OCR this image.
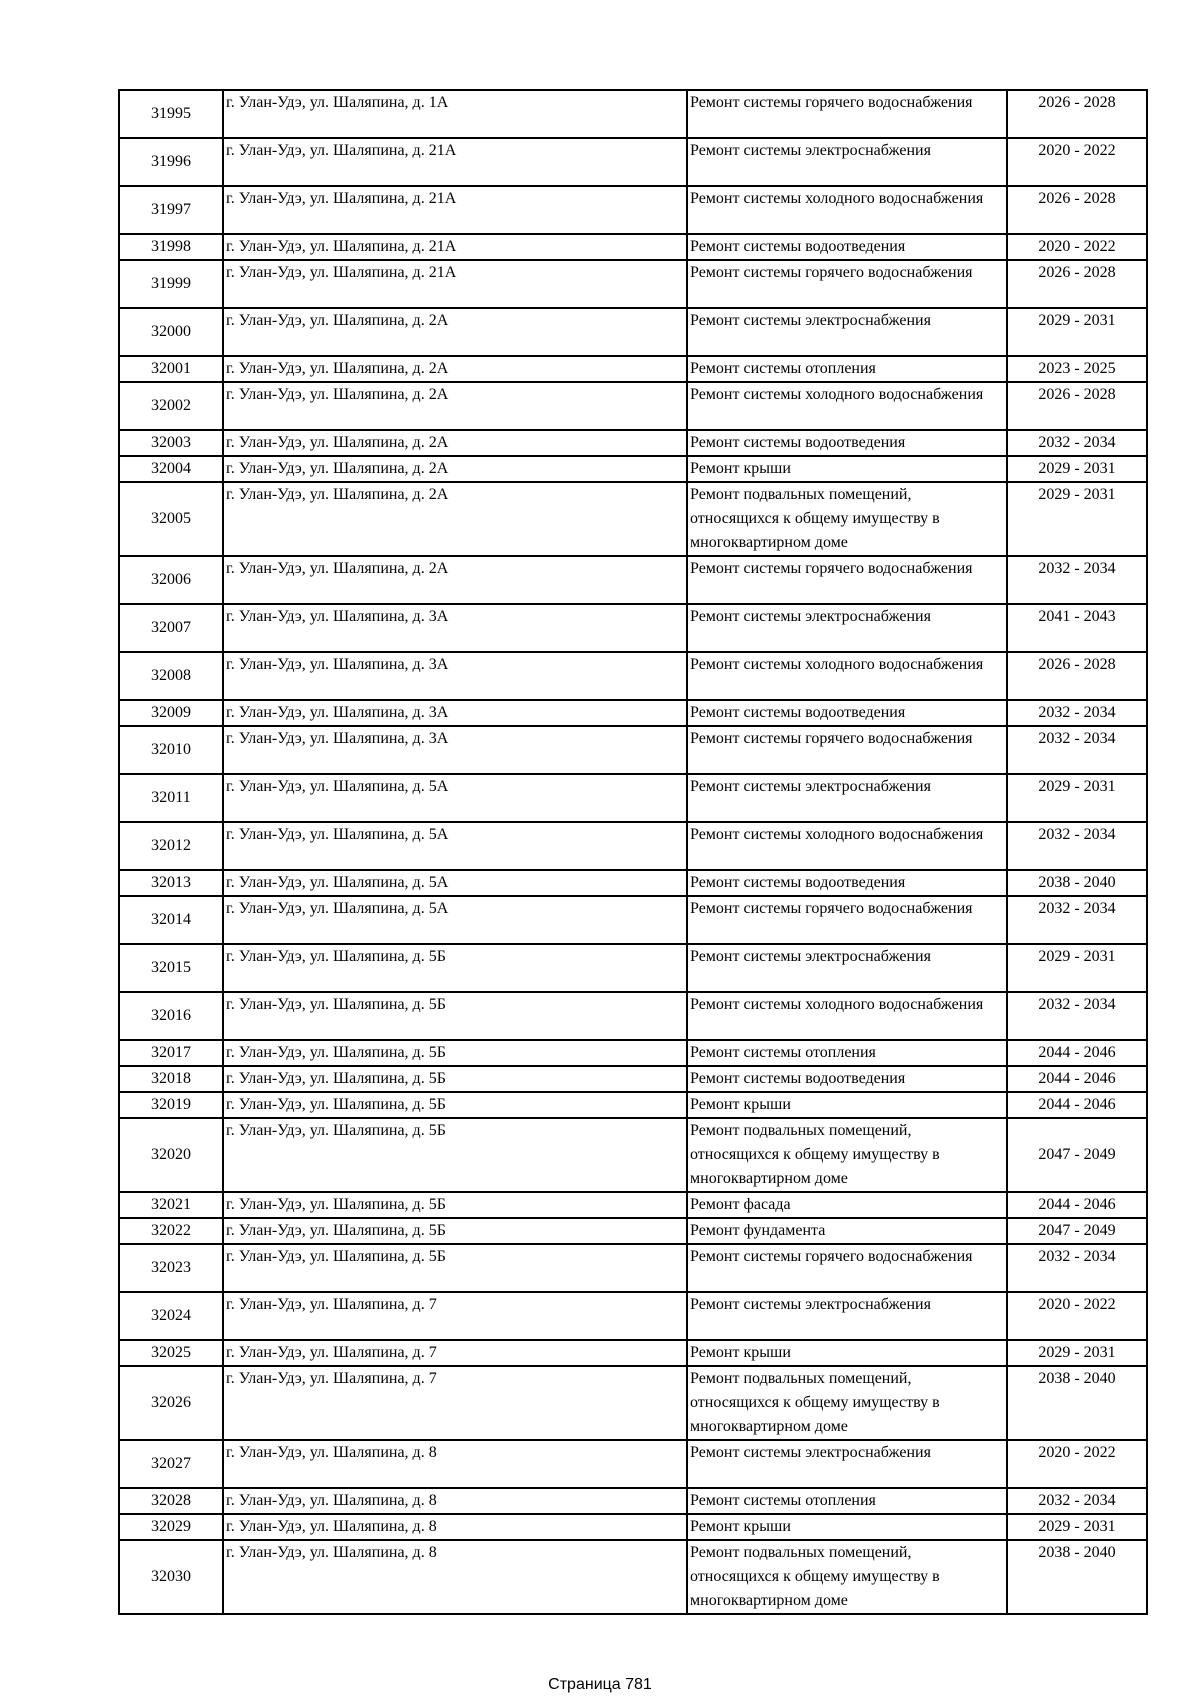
31995	г. Улан-Удэ, ул. Шаляпина, д. 1А	Ремонт системы горячего водоснабжения	2026 - 2028
31996	г. Улан-Удэ, ул. Шаляпина, д. 21А	Ремонт системы электроснабжения	2020 - 2022
31997	г. Улан-Удэ, ул. Шаляпина, д. 21А	Ремонт системы холодного водоснабжения	2026 - 2028
31998	г. Улан-Удэ, ул. Шаляпина, д. 21А	Ремонт системы водоотведения	2020 - 2022
31999	г. Улан-Удэ, ул. Шаляпина, д. 21А	Ремонт системы горячего водоснабжения	2026 - 2028
32000	г. Улан-Удэ, ул. Шаляпина, д. 2А	Ремонт системы электроснабжения	2029 - 2031
32001	г. Улан-Удэ, ул. Шаляпина, д. 2А	Ремонт системы отопления	2023 - 2025
32002	г. Улан-Удэ, ул. Шаляпина, д. 2А	Ремонт системы холодного водоснабжения	2026 - 2028
32003	г. Улан-Удэ, ул. Шаляпина, д. 2А	Ремонт системы водоотведения	2032 - 2034
32004	г. Улан-Удэ, ул. Шаляпина, д. 2А	Ремонт крыши	2029 - 2031
32005	г. Улан-Удэ, ул. Шаляпина, д. 2А	Ремонт подвальных помещений, относящихся к общему имуществу в многоквартирном доме	2029 - 2031
32006	г. Улан-Удэ, ул. Шаляпина, д. 2А	Ремонт системы горячего водоснабжения	2032 - 2034
32007	г. Улан-Удэ, ул. Шаляпина, д. 3А	Ремонт системы электроснабжения	2041 - 2043
32008	г. Улан-Удэ, ул. Шаляпина, д. 3А	Ремонт системы холодного водоснабжения	2026 - 2028
32009	г. Улан-Удэ, ул. Шаляпина, д. 3А	Ремонт системы водоотведения	2032 - 2034
32010	г. Улан-Удэ, ул. Шаляпина, д. 3А	Ремонт системы горячего водоснабжения	2032 - 2034
32011	г. Улан-Удэ, ул. Шаляпина, д. 5А	Ремонт системы электроснабжения	2029 - 2031
32012	г. Улан-Удэ, ул. Шаляпина, д. 5А	Ремонт системы холодного водоснабжения	2032 - 2034
32013	г. Улан-Удэ, ул. Шаляпина, д. 5А	Ремонт системы водоотведения	2038 - 2040
32014	г. Улан-Удэ, ул. Шаляпина, д. 5А	Ремонт системы горячего водоснабжения	2032 - 2034
32015	г. Улан-Удэ, ул. Шаляпина, д. 5Б	Ремонт системы электроснабжения	2029 - 2031
32016	г. Улан-Удэ, ул. Шаляпина, д. 5Б	Ремонт системы холодного водоснабжения	2032 - 2034
32017	г. Улан-Удэ, ул. Шаляпина, д. 5Б	Ремонт системы отопления	2044 - 2046
32018	г. Улан-Удэ, ул. Шаляпина, д. 5Б	Ремонт системы водоотведения	2044 - 2046
32019	г. Улан-Удэ, ул. Шаляпина, д. 5Б	Ремонт крыши	2044 - 2046
32020	г. Улан-Удэ, ул. Шаляпина, д. 5Б	Ремонт подвальных помещений, относящихся к общему имуществу в многоквартирном доме	2047 - 2049
32021	г. Улан-Удэ, ул. Шаляпина, д. 5Б	Ремонт фасада	2044 - 2046
32022	г. Улан-Удэ, ул. Шаляпина, д. 5Б	Ремонт фундамента	2047 - 2049
32023	г. Улан-Удэ, ул. Шаляпина, д. 5Б	Ремонт системы горячего водоснабжения	2032 - 2034
32024	г. Улан-Удэ, ул. Шаляпина, д. 7	Ремонт системы электроснабжения	2020 - 2022
32025	г. Улан-Удэ, ул. Шаляпина, д. 7	Ремонт крыши	2029 - 2031
32026	г. Улан-Удэ, ул. Шаляпина, д. 7	Ремонт подвальных помещений, относящихся к общему имуществу в многоквартирном доме	2038 - 2040
32027	г. Улан-Удэ, ул. Шаляпина, д. 8	Ремонт системы электроснабжения	2020 - 2022
32028	г. Улан-Удэ, ул. Шаляпина, д. 8	Ремонт системы отопления	2032 - 2034
32029	г. Улан-Удэ, ул. Шаляпина, д. 8	Ремонт крыши	2029 - 2031
32030	г. Улан-Удэ, ул. Шаляпина, д. 8	Ремонт подвальных помещений, относящихся к общему имуществу в многоквартирном доме	2038 - 2040
Страница 781
